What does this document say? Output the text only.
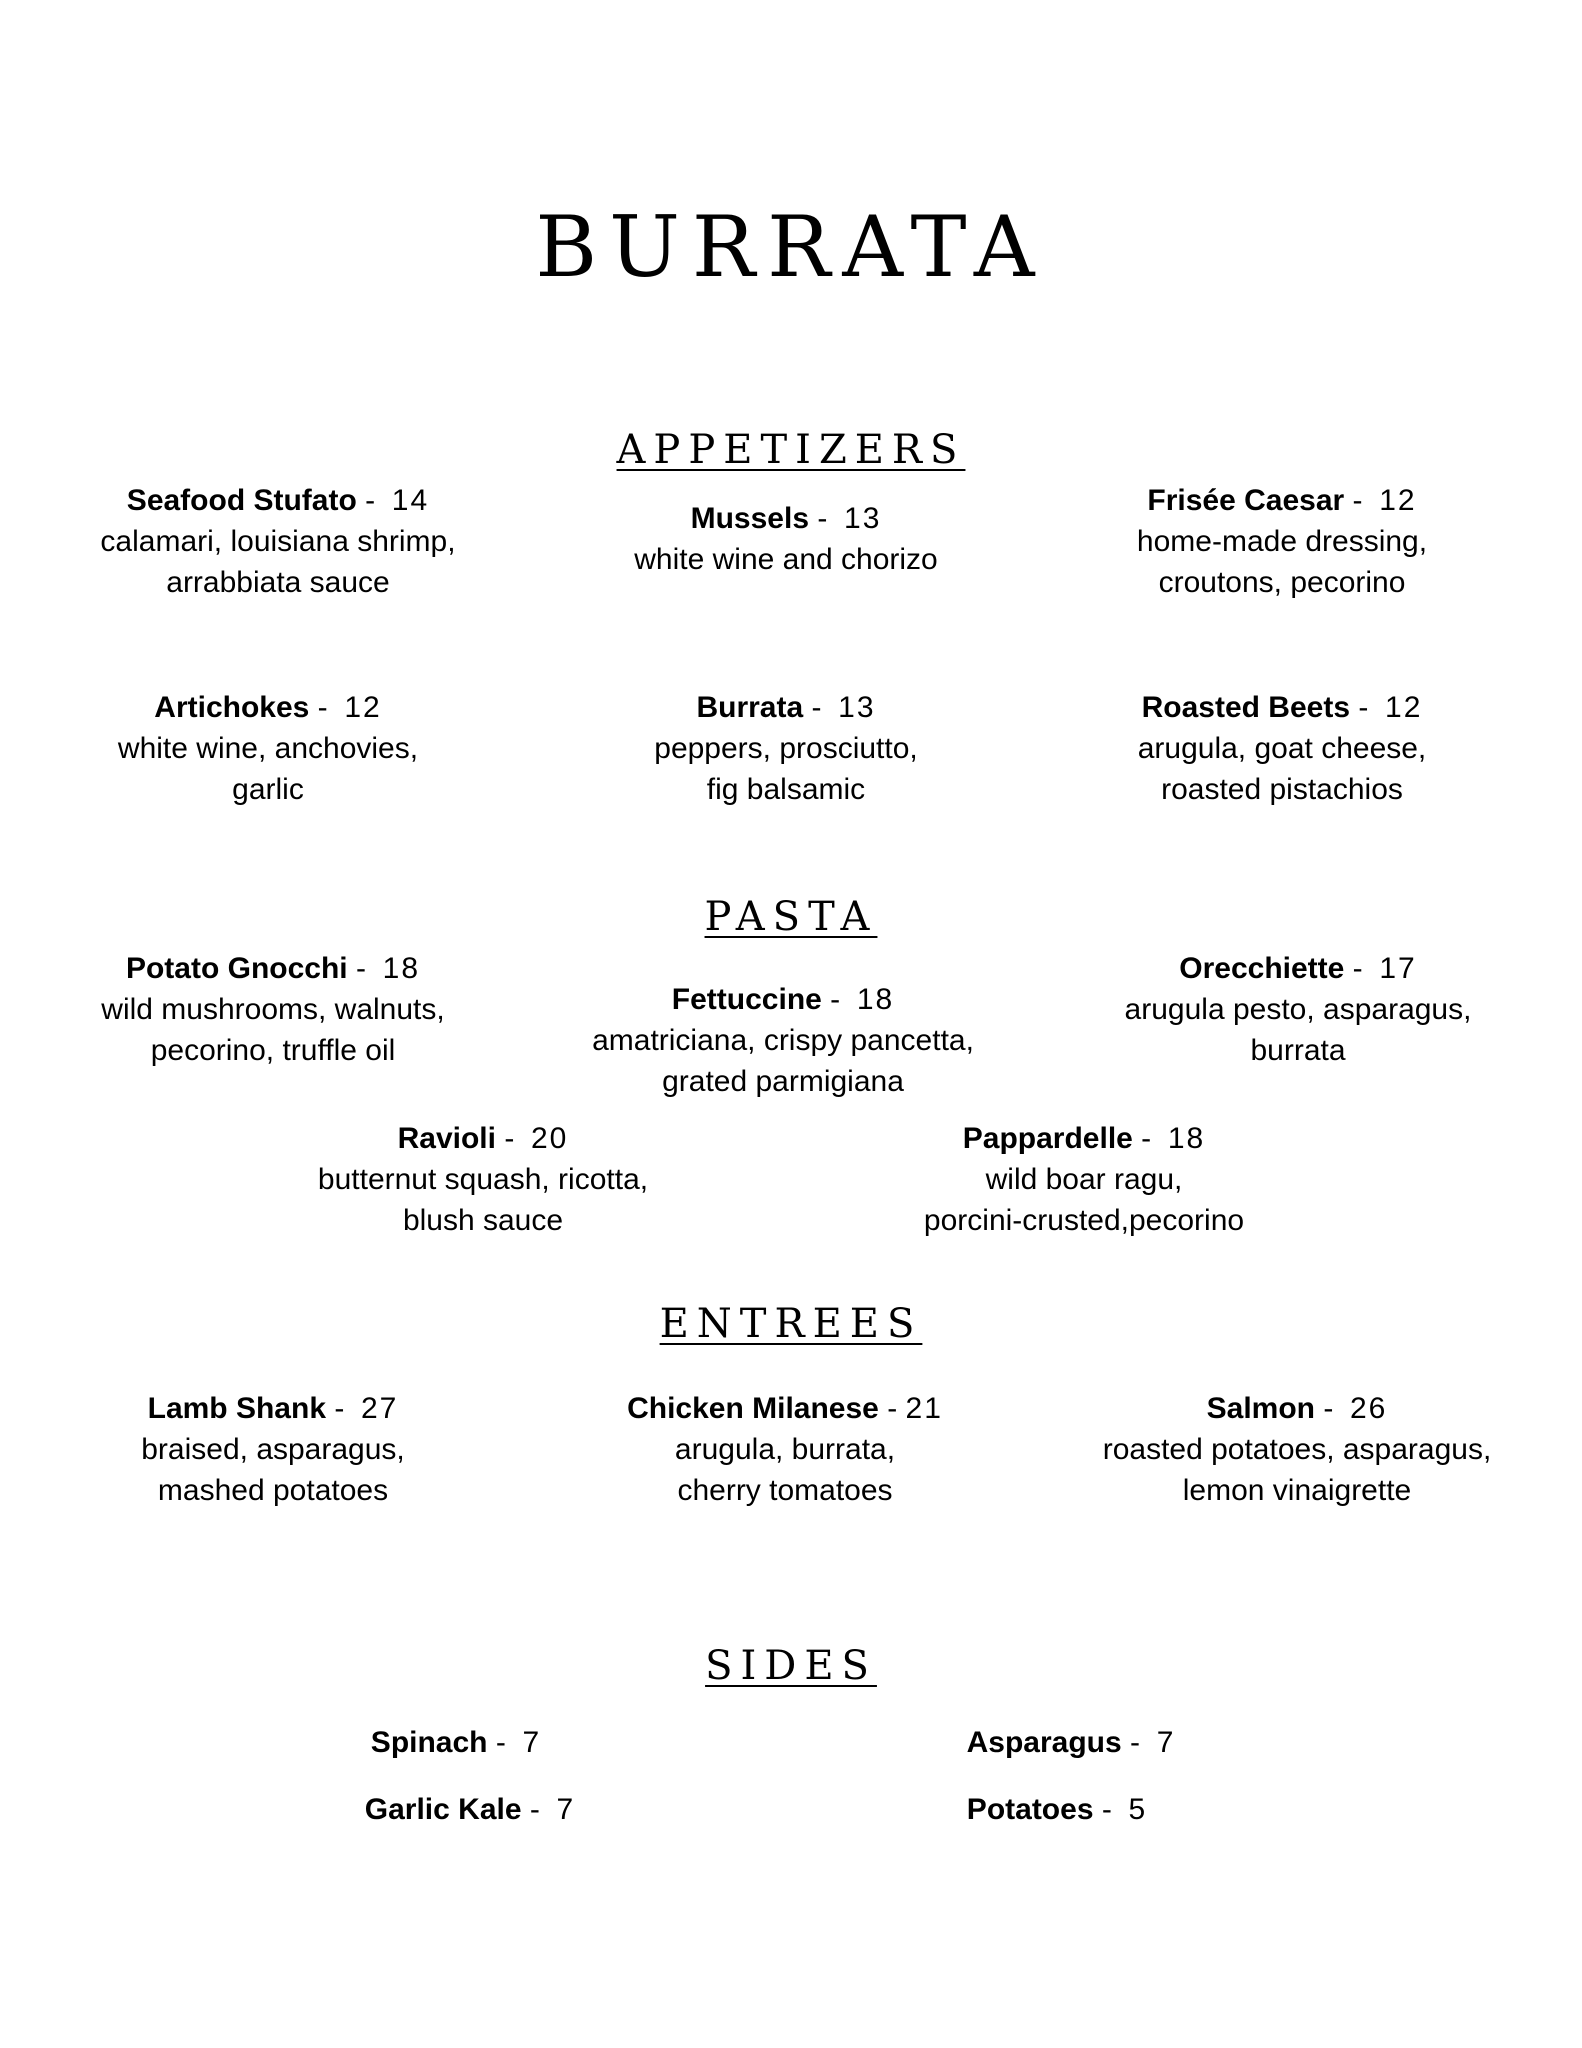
BURRATA
APPETIZERS
Seafood Stufato -  14
calamari, louisiana shrimp,
arrabbiata sauce
Mussels -  13
white wine and chorizo
Frisée Caesar -  12
home-made dressing,
croutons, pecorino
Artichokes -  12
white wine, anchovies,
garlic
Burrata -  13
peppers, prosciutto,
fig balsamic
Roasted Beets -  12
arugula, goat cheese,
roasted pistachios
PASTA
Potato Gnocchi -  18
wild mushrooms, walnuts,
pecorino, truffle oil
Fettuccine -  18
amatriciana, crispy pancetta,
grated parmigiana
Orecchiette -  17
arugula pesto, asparagus,
burrata
Ravioli -  20
butternut squash, ricotta,
blush sauce
Pappardelle -  18
wild boar ragu,
porcini-crusted,pecorino
ENTREES
Lamb Shank -  27
braised, asparagus,
mashed potatoes
Chicken Milanese - 21
arugula, burrata,
cherry tomatoes
Salmon -  26
roasted potatoes, asparagus,
lemon vinaigrette
SIDES
Spinach -  7	Asparagus -  7
Garlic Kale -  7	Potatoes -  5
